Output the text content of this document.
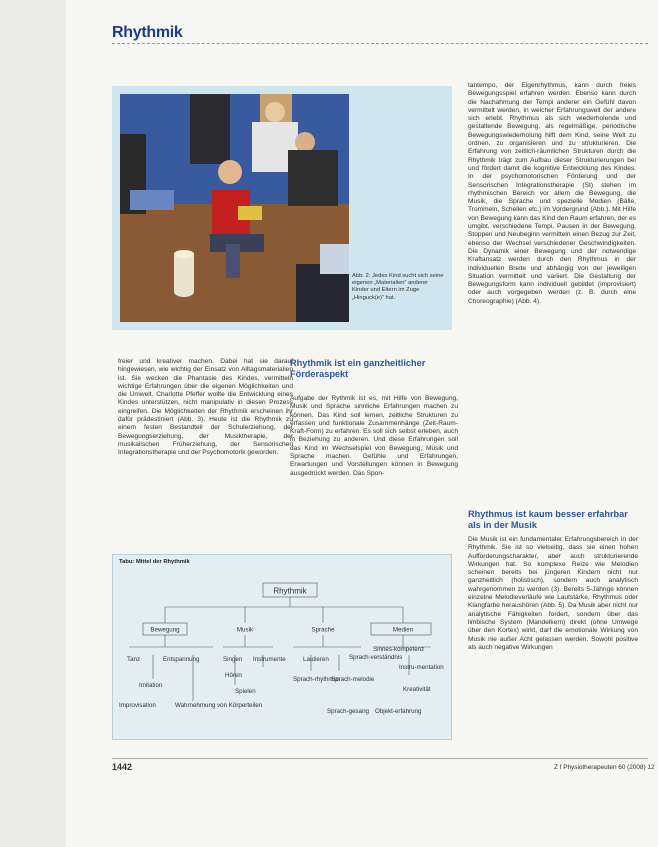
Rhythmik
Abb. 2: Jedes Kind sucht sich seine eigenen „Materialien“ anderer Kinder und Eltern im Zuge „Hinguck(e)“ hat.
freier und kreativer machen. Dabei hat sie darauf hingewiesen, wie wichtig der Einsatz von Alltagsmaterialien ist. Sie wecken die Phantasie des Kindes, vermitteln wichtige Erfahrungen über die eigenen Möglichkeiten und die Umwelt. Charlotte Pfeffer wollte die Entwicklung eines Kindes unterstützen, nicht manipulativ in diesen Prozess eingreifen. Die Möglichkeiten der Rhythmik erscheinen ihr dafür prädestiniert (Abb. 3). Heute ist die Rhythmik zu einem festen Bestandteil der Schulerziehung, der Bewegungserziehung, der Musiktherapie, der musikalischen Früherziehung, der Sensorischen Integrationstherapie und der Psychomotorik geworden.
Rhythmik ist ein ganzheitlicher Förderaspekt
Aufgabe der Rythmik ist es, mit Hilfe von Bewegung, Musik und Sprache sinnliche Erfahrungen machen zu können. Das Kind soll lernen, zeitliche Strukturen zu erfassen und funktionale Zusammenhänge (Zeit-Raum-Kraft-Form) zu erfahren. Es soll sich selbst erleben, auch in Beziehung zu anderen. Und diese Erfahrungen soll das Kind im Wechselspiel von Bewegung, Musik und Sprache machen. Gefühle und Erfahrungen, Erwartungen und Vorstellungen können in Bewegung ausgedrückt werden. Das Spon-
tantempo, der Eigenrhythmus, kann durch freies Bewegungsspiel erfahren werden. Ebenso kann durch die Nachahmung der Tempi anderer ein Gefühl davon vermittelt werden, in welcher Erfahrungswelt der andere sich erlebt. Rhythmus als sich wiederholende und gestaltende Bewegung, als regelmäßige, periodische Bewegungswiederholung hilft dem Kind, seine Welt zu ordnen, zu organisieren und zu strukturieren. Die Erfahrung von zeitlich-räumlichen Strukturen durch die Rhythmik trägt zum Aufbau dieser Strukturierungen bei und fördert damit die kognitive Entwicklung des Kindes. In der psychomotorischen Förderung und der Sensorischen Integrationstherapie (SI) stehen im rhythmischen Bereich vor allem die Bewegung, die Musik, die Sprache und spezielle Medien (Bälle, Trommeln, Schellen etc.) im Vordergrund (Abb.). Mit Hilfe von Bewegung kann das Kind den Raum erfahren, der es umgibt, verschiedene Tempi, Pausen in der Bewegung, Stoppen und Neubeginn vermitteln einen Bezug zur Zeit, ebenso der Wechsel verschiedener Geschwindigkeiten. Die Dynamik einer Bewegung und der notwendige Kraftansatz werden durch den Rhythmus in der individuellen Breite und abhängig von der jeweiligen Situation vermittelt und variiert. Die Gestaltung der Bewegungsform kann individuell gebildet (improvisiert) oder auch vorgegeben werden (z. B. durch eine Choreographie) (Abb. 4).
Rhythmus ist kaum besser erfahrbar als in der Musik
Die Musik ist ein fundamentaler Erfahrungsbereich in der Rhythmik. Sie ist so vielseitig, dass sie einen hohen Aufforderungscharakter, aber auch strukturierende Wirkungen hat. So komplexe Reize wie Melodien scheinen bereits bei jüngeren Kindern nicht nur ganzheitlich (holistisch), sondern auch analytisch wahrgenommen zu werden (3). Bereits 5-Jährige können einzelne Melodieverläufe wie Lautstärke, Rhythmus oder Klangfarbe heraushören (Abb. 5). Da Musik aber nicht nur analytische Fähigkeiten fordert, sondern über das limbische System (Mandelkern) direkt (ohne Umwege über den Kortex) wirkt, darf die emotionale Wirkung von Musik nie außer Acht gelassen werden. Sowohl positive als auch negative Wirkungen
Tabu: Mittel der Rhythmik
Rhythmik
Bewegung	Musik	Sprache	Medien
Tanz	Entspannung
Imitation
Improvisation	Wahrnehmung von Körperteilen
Singen
Hören
Instrumente
Spielen
Lautieren
Sprach-rhythmus
Sprach-melodie
Sprach-verständnis
Sprach-gesang
Sinnes-kompetenz
Instru-mentation
Kreativität
Objekt-erfahrung
1442	Z f Physiotherapeuten 60 (2008) 12
